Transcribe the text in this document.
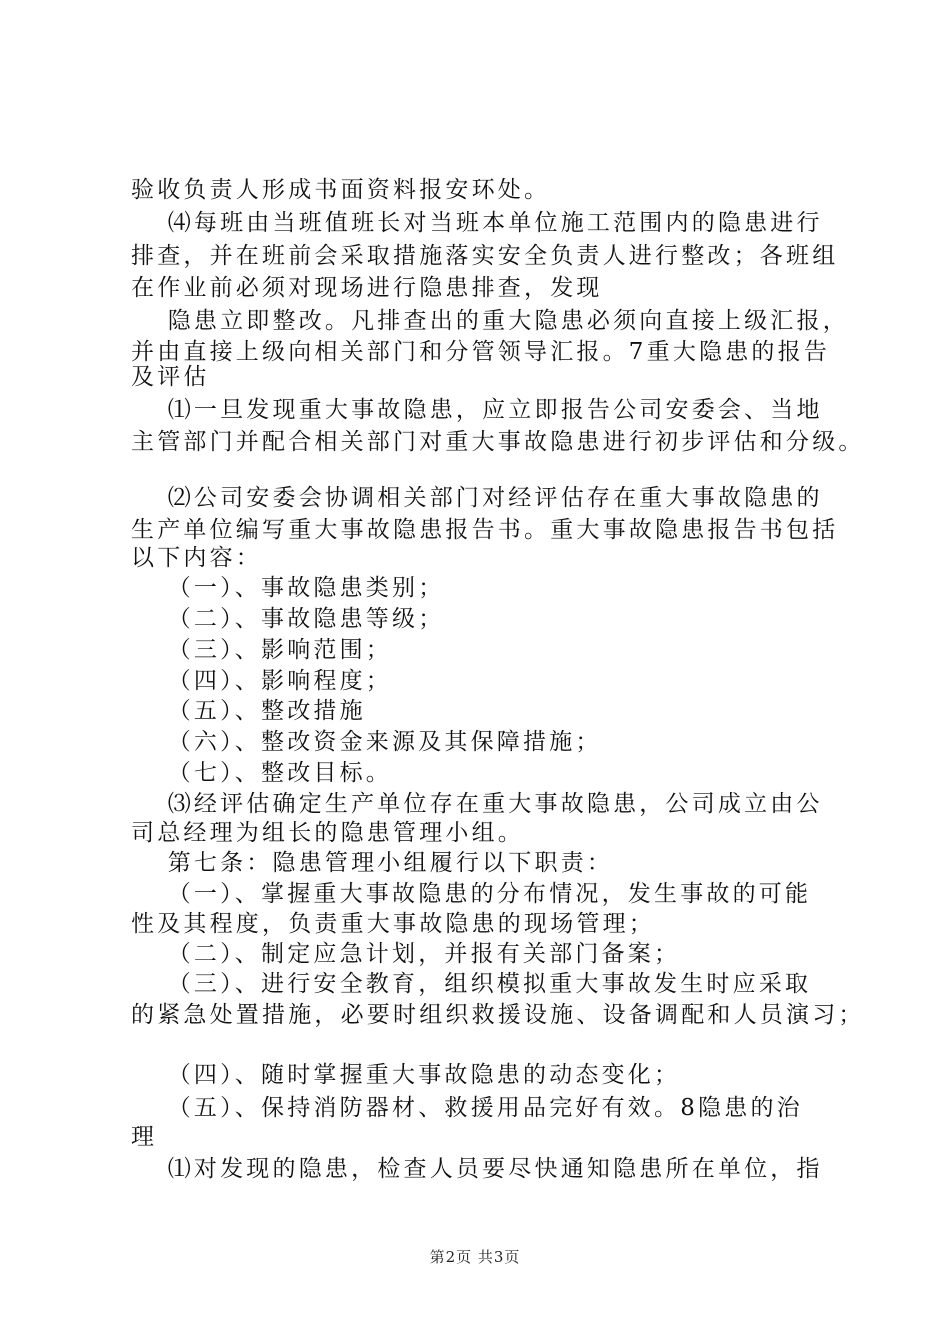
验收负责人形成书面资料报安环处。
　 ⑷每班由当班值班长对当班本单位施工范围内的隐患进行
排查，并在班前会采取措施落实安全负责人进行整改；各班组
在作业前必须对现场进行隐患排查，发现
　 隐患立即整改。凡排查出的重大隐患必须向直接上级汇报，
并由直接上级向相关部门和分管领导汇报。7重大隐患的报告
及评估
　 ⑴一旦发现重大事故隐患，应立即报告公司安委会、当地
主管部门并配合相关部门对重大事故隐患进行初步评估和分级。
　 ⑵公司安委会协调相关部门对经评估存在重大事故隐患的
生产单位编写重大事故隐患报告书。重大事故隐患报告书包括
以下内容：
　 （一）、事故隐患类别；
　 （二）、事故隐患等级；
　 （三）、影响范围；
　 （四）、影响程度；
　 （五）、整改措施
　 （六）、整改资金来源及其保障措施；
　 （七）、整改目标。
　 ⑶经评估确定生产单位存在重大事故隐患，公司成立由公
司总经理为组长的隐患管理小组。
　 第七条：隐患管理小组履行以下职责：
　 （一）、掌握重大事故隐患的分布情况，发生事故的可能
性及其程度，负责重大事故隐患的现场管理；
　 （二）、制定应急计划，并报有关部门备案；
　 （三）、进行安全教育，组织模拟重大事故发生时应采取
的紧急处置措施，必要时组织救援设施、设备调配和人员演习；
　 （四）、随时掌握重大事故隐患的动态变化；
　 （五）、保持消防器材、救援用品完好有效。8隐患的治
理
　 ⑴对发现的隐患，检查人员要尽快通知隐患所在单位，指
第2页 共3页
